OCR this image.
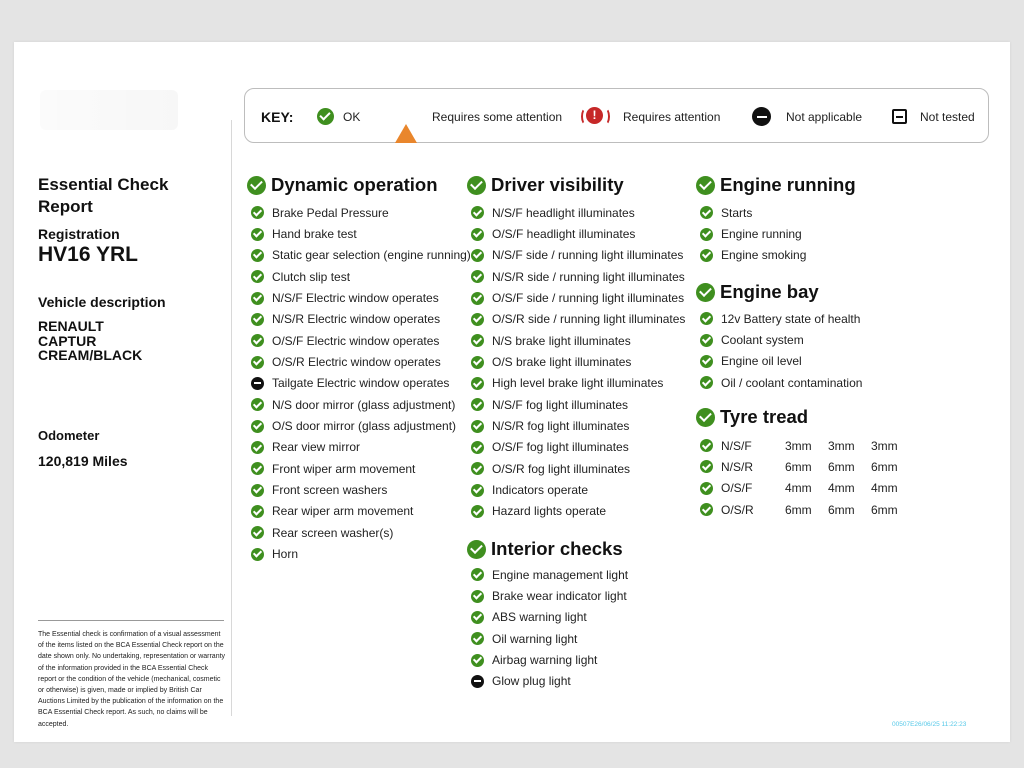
KEY:	OK	!	Requires some attention	!	Requires attention	Not applicable	Not tested
Essential Check Report
Registration
HV16 YRL
Vehicle description
RENAULT
CAPTUR
CREAM/BLACK
Odometer
120,819 Miles
The Essential check is confirmation of a visual assessment of the items listed on the BCA Essential Check report on the date shown only. No undertaking, representation or warranty of the information provided in the BCA Essential Check report or the condition of the vehicle (mechanical, cosmetic or otherwise) is given, made or implied by British Car Auctions Limited by the publication of the information on the BCA Essential Check report. As such, no claims will be accepted.
Dynamic operation
Brake Pedal Pressure
Hand brake test
Static gear selection (engine running)
Clutch slip test
N/S/F Electric window operates
N/S/R Electric window operates
O/S/F Electric window operates
O/S/R Electric window operates
Tailgate Electric window operates
N/S door mirror (glass adjustment)
O/S door mirror (glass adjustment)
Rear view mirror
Front wiper arm movement
Front screen washers
Rear wiper arm movement
Rear screen washer(s)
Horn
Driver visibility
N/S/F headlight illuminates
O/S/F headlight illuminates
N/S/F side / running light illuminates
N/S/R side / running light illuminates
O/S/F side / running light illuminates
O/S/R side / running light illuminates
N/S brake light illuminates
O/S brake light illuminates
High level brake light illuminates
N/S/F fog light illuminates
N/S/R fog light illuminates
O/S/F fog light illuminates
O/S/R fog light illuminates
Indicators operate
Hazard lights operate
Interior checks
Engine management light
Brake wear indicator light
ABS warning light
Oil warning light
Airbag warning light
Glow plug light
Engine running
Starts
Engine running
Engine smoking
Engine bay
12v Battery state of health
Coolant system
Engine oil level
Oil / coolant contamination
Tyre tread
N/S/F	3mm	3mm	3mm
N/S/R	6mm	6mm	6mm
O/S/F	4mm	4mm	4mm
O/S/R	6mm	6mm	6mm
00507E26/06/25 11:22:23
